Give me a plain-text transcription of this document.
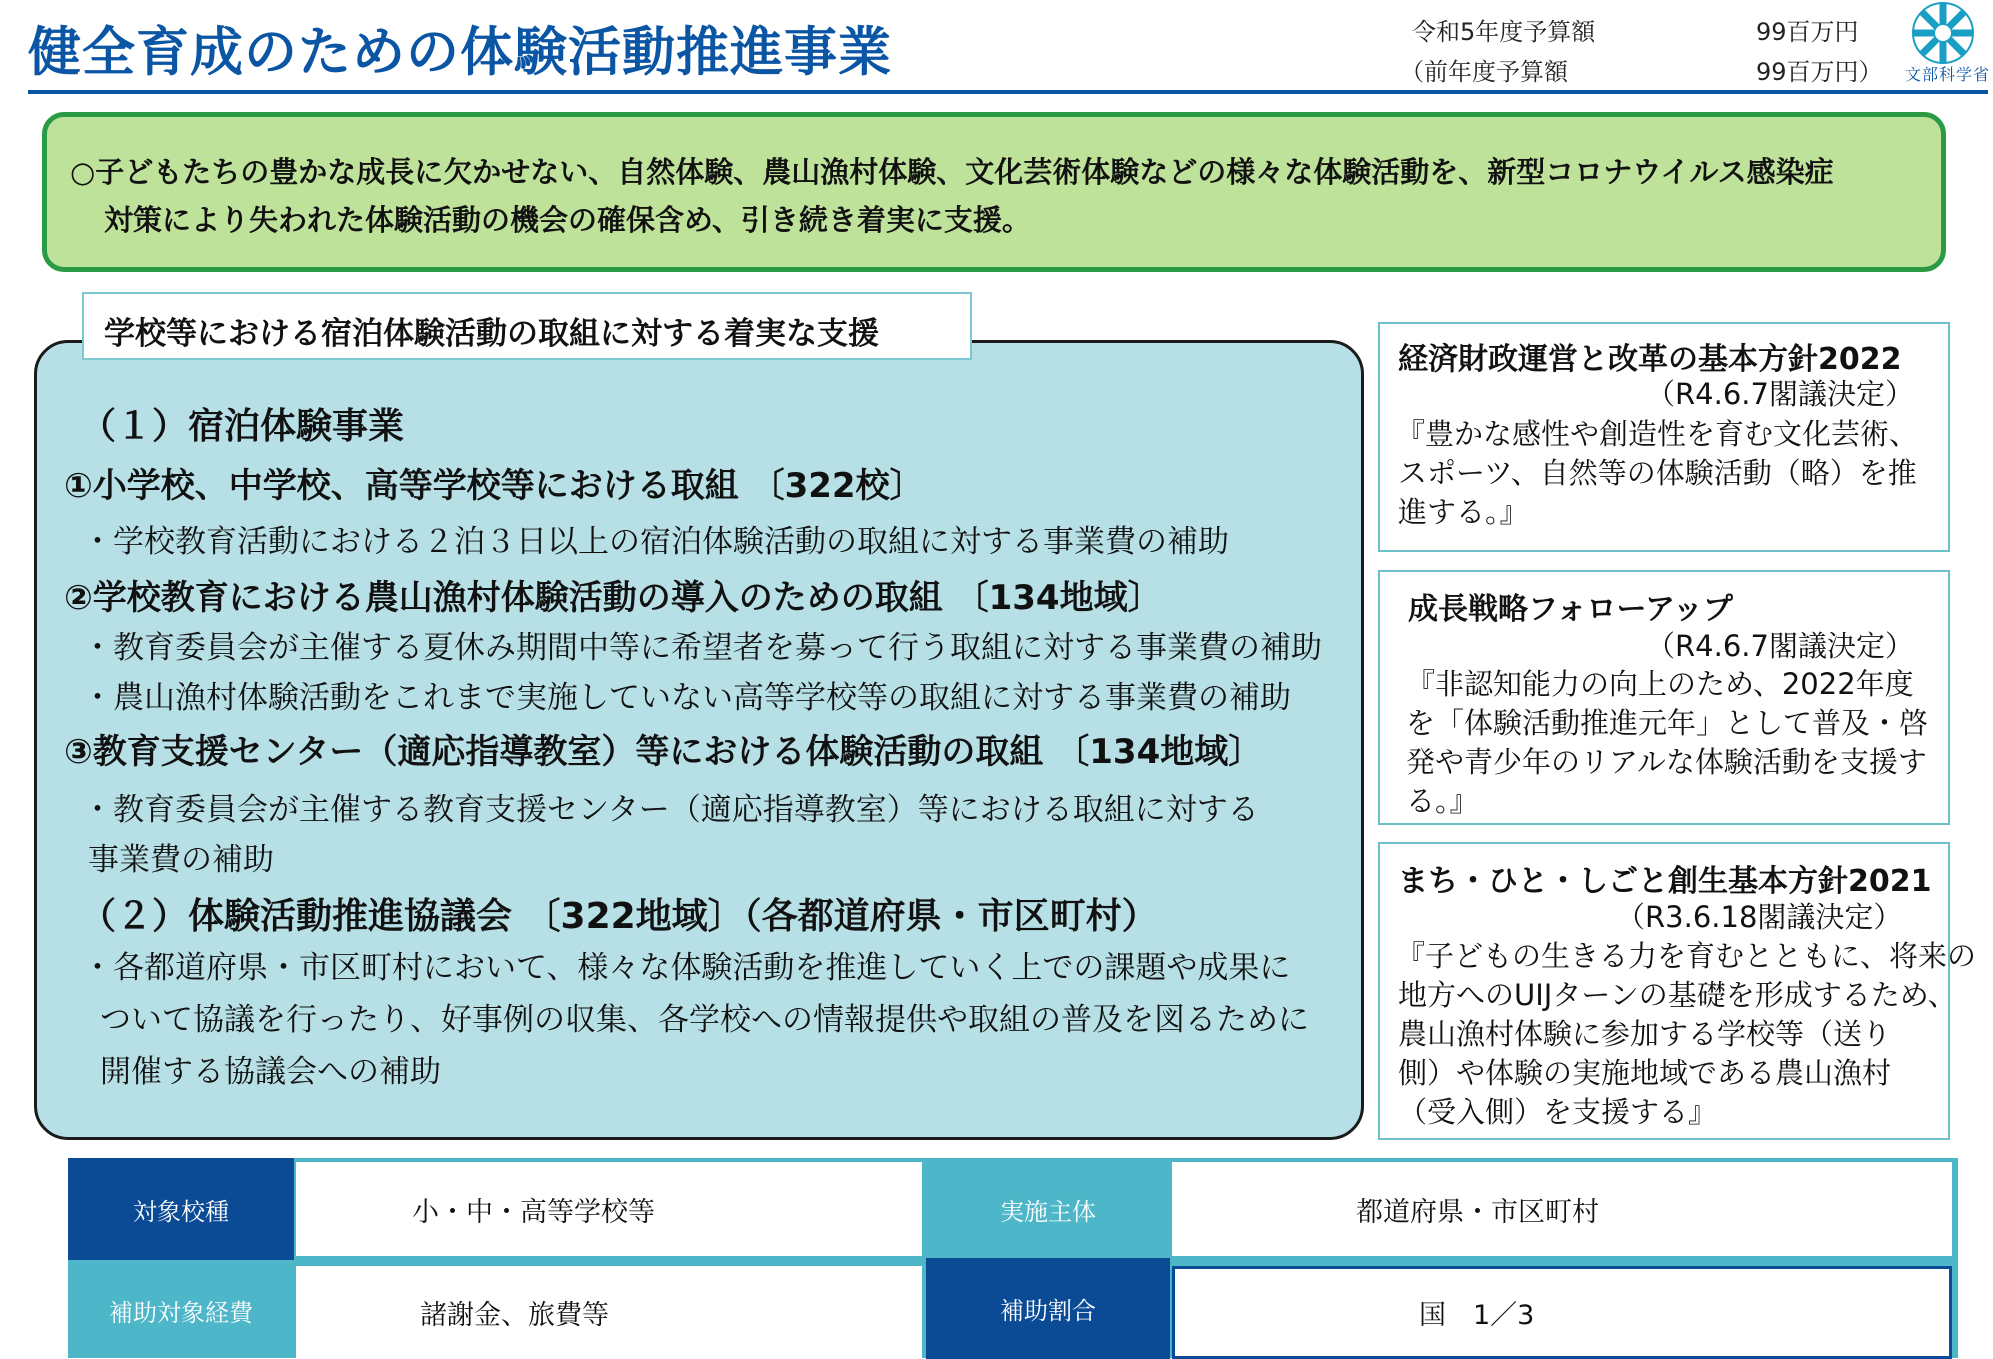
健全育成のための体験活動推進事業	令和5年度予算額	99百万円
（前年度予算額	99百万円） 文部科学省
○子どもたちの豊かな成長に欠かせない、自然体験、農山漁村体験、文化芸術体験などの様々な体験活動を、新型コロナウイルス感染症
対策により失われた体験活動の機会の確保含め、引き続き着実に支援。
学校等における宿泊体験活動の取組に対する着実な支援
（１）宿泊体験事業
①小学校、中学校、高等学校等における取組 〔322校〕
・学校教育活動における２泊３日以上の宿泊体験活動の取組に対する事業費の補助
②学校教育における農山漁村体験活動の導入のための取組 〔134地域〕
・教育委員会が主催する夏休み期間中等に希望者を募って行う取組に対する事業費の補助
・農山漁村体験活動をこれまで実施していない高等学校等の取組に対する事業費の補助
③教育支援センター（適応指導教室）等における体験活動の取組 〔134地域〕
・教育委員会が主催する教育支援センター（適応指導教室）等における取組に対する
事業費の補助
（２）体験活動推進協議会 〔322地域〕（各都道府県・市区町村）
・各都道府県・市区町村において、様々な体験活動を推進していく上での課題や成果に
ついて協議を行ったり、好事例の収集、各学校への情報提供や取組の普及を図るために
開催する協議会への補助
経済財政運営と改革の基本方針2022
（R4.6.7閣議決定）
『豊かな感性や創造性を育む文化芸術、
スポーツ、自然等の体験活動（略）を推
進する。』
成長戦略フォローアップ
（R4.6.7閣議決定）
『非認知能力の向上のため、2022年度
を「体験活動推進元年」として普及・啓
発や青少年のリアルな体験活動を支援す
る。』
まち・ひと・しごと創生基本方針2021
（R3.6.18閣議決定）
『子どもの生きる力を育むとともに、将来の
地方へのUIJターンの基礎を形成するため、
農山漁村体験に参加する学校等（送り
側）や体験の実施地域である農山漁村
（受入側）を支援する』
対象校種	小・中・高等学校等	実施主体	都道府県・市区町村
補助対象経費	諸謝金、旅費等	補助割合	国　1／3
